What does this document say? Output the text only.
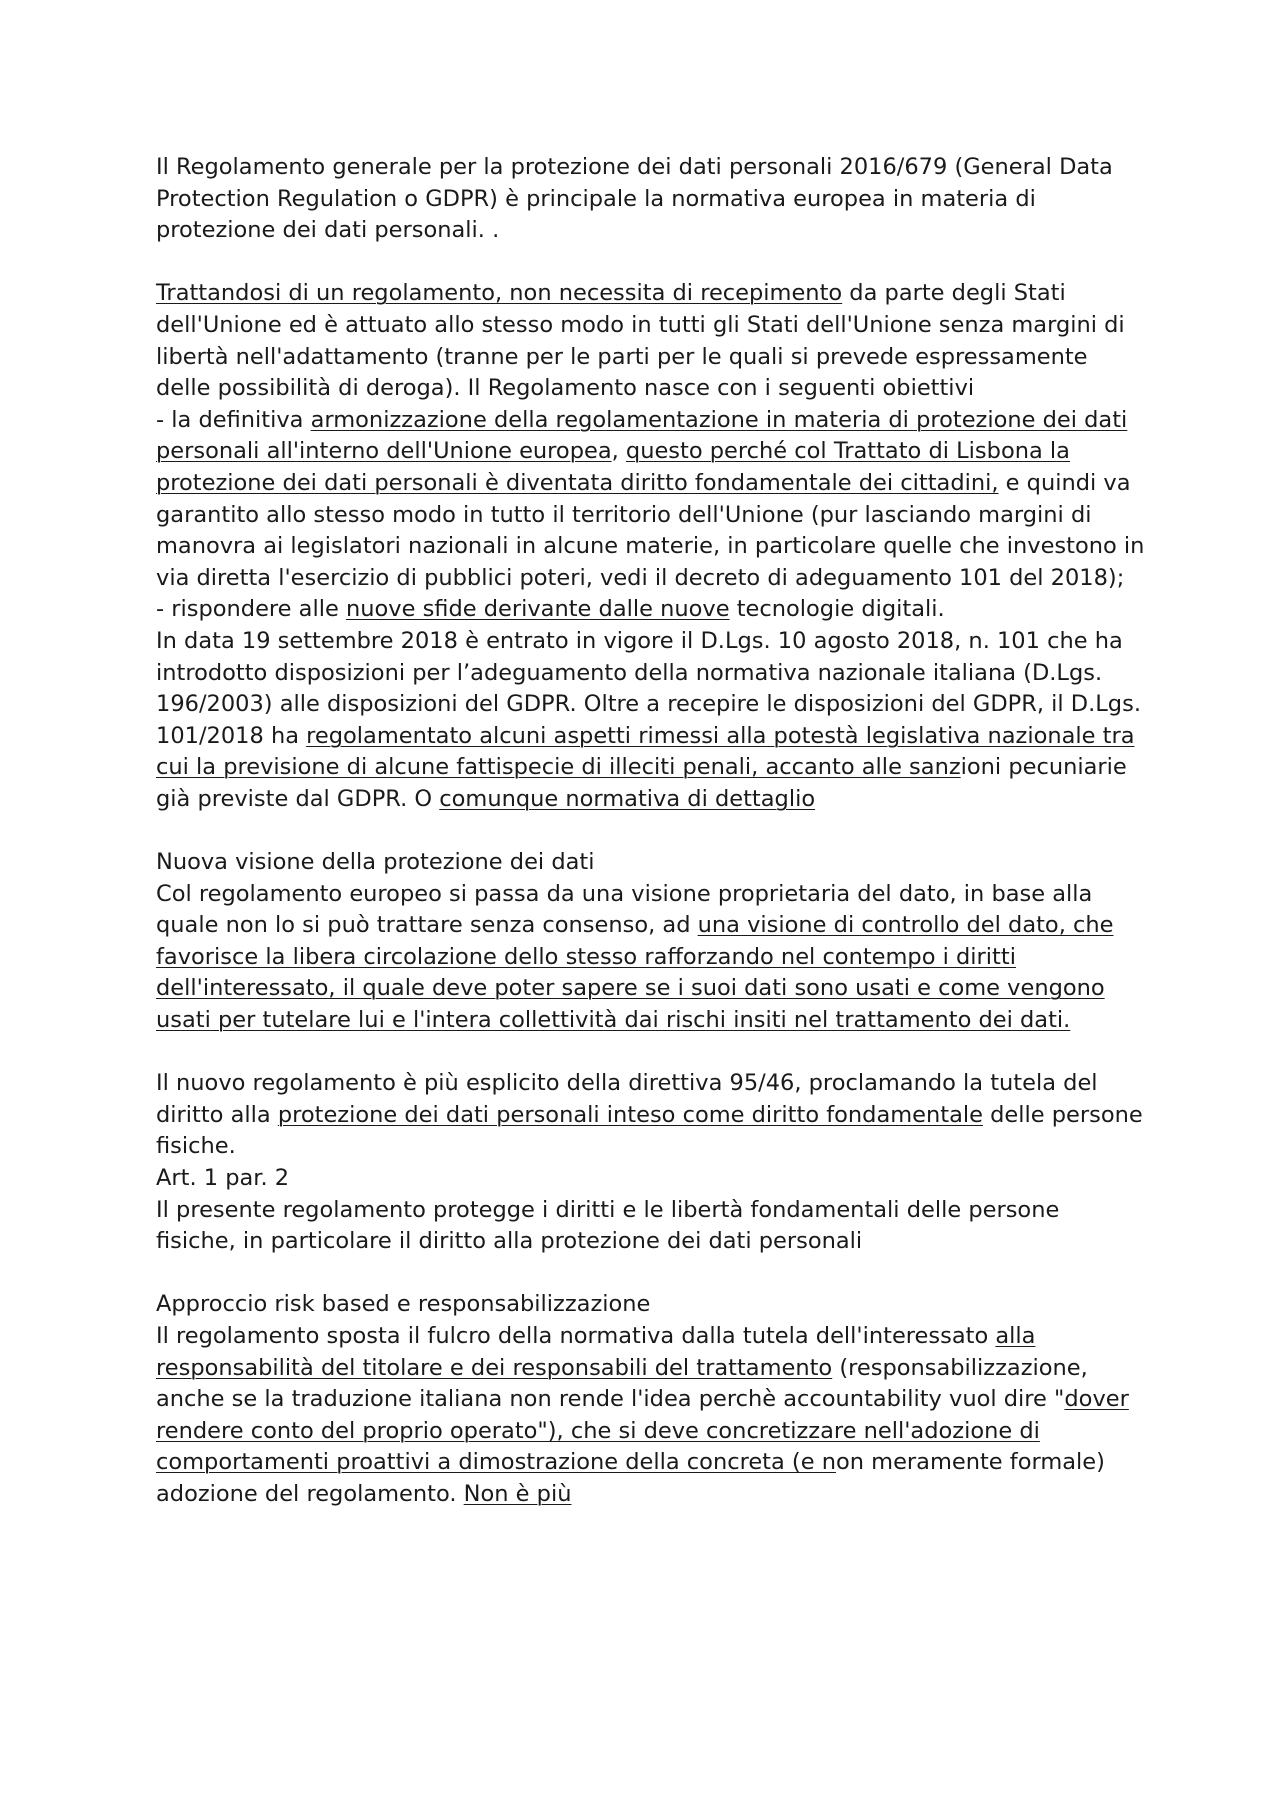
Il Regolamento generale per la protezione dei dati personali 2016/679 (General Data Protection Regulation o GDPR) è principale la normativa europea in materia di protezione dei dati personali. .

Trattandosi di un regolamento, non necessita di recepimento da parte degli Stati dell'Unione ed è attuato allo stesso modo in tutti gli Stati dell'Unione senza margini di libertà nell'adattamento (tranne per le parti per le quali si prevede espressamente delle possibilità di deroga). Il Regolamento nasce con i seguenti obiettivi

- la definitiva armonizzazione della regolamentazione in materia di protezione dei dati personali all'interno dell'Unione europea, questo perché col Trattato di Lisbona la protezione dei dati personali è diventata diritto fondamentale dei cittadini, e quindi va garantito allo stesso modo in tutto il territorio dell'Unione (pur lasciando margini di manovra ai legislatori nazionali in alcune materie, in particolare quelle che investono in via diretta l'esercizio di pubblici poteri, vedi il decreto di adeguamento 101 del 2018);

- rispondere alle nuove sfide derivante dalle nuove tecnologie digitali.

In data 19 settembre 2018 è entrato in vigore il D.Lgs. 10 agosto 2018, n. 101 che ha introdotto disposizioni per l’adeguamento della normativa nazionale italiana (D.Lgs. 196/2003) alle disposizioni del GDPR. Oltre a recepire le disposizioni del GDPR, il D.Lgs. 101/2018 ha regolamentato alcuni aspetti rimessi alla potestà legislativa nazionale tra cui la previsione di alcune fattispecie di illeciti penali, accanto alle sanzioni pecuniarie già previste dal GDPR. O comunque normativa di dettaglio

Nuova visione della protezione dei dati

Col regolamento europeo si passa da una visione proprietaria del dato, in base alla quale non lo si può trattare senza consenso, ad una visione di controllo del dato, che favorisce la libera circolazione dello stesso rafforzando nel contempo i diritti dell'interessato, il quale deve poter sapere se i suoi dati sono usati e come vengono usati per tutelare lui e l'intera collettività dai rischi insiti nel trattamento dei dati.

Il nuovo regolamento è più esplicito della direttiva 95/46, proclamando la tutela del diritto alla protezione dei dati personali inteso come diritto fondamentale delle persone fisiche.

Art. 1 par. 2

Il presente regolamento protegge i diritti e le libertà fondamentali delle persone fisiche, in particolare il diritto alla protezione dei dati personali

Approccio risk based e responsabilizzazione

Il regolamento sposta il fulcro della normativa dalla tutela dell'interessato alla responsabilità del titolare e dei responsabili del trattamento (responsabilizzazione, anche se la traduzione italiana non rende l'idea perchè accountability vuol dire "dover rendere conto del proprio operato"), che si deve concretizzare nell'adozione di comportamenti proattivi a dimostrazione della concreta (e non meramente formale) adozione del regolamento. Non è più
